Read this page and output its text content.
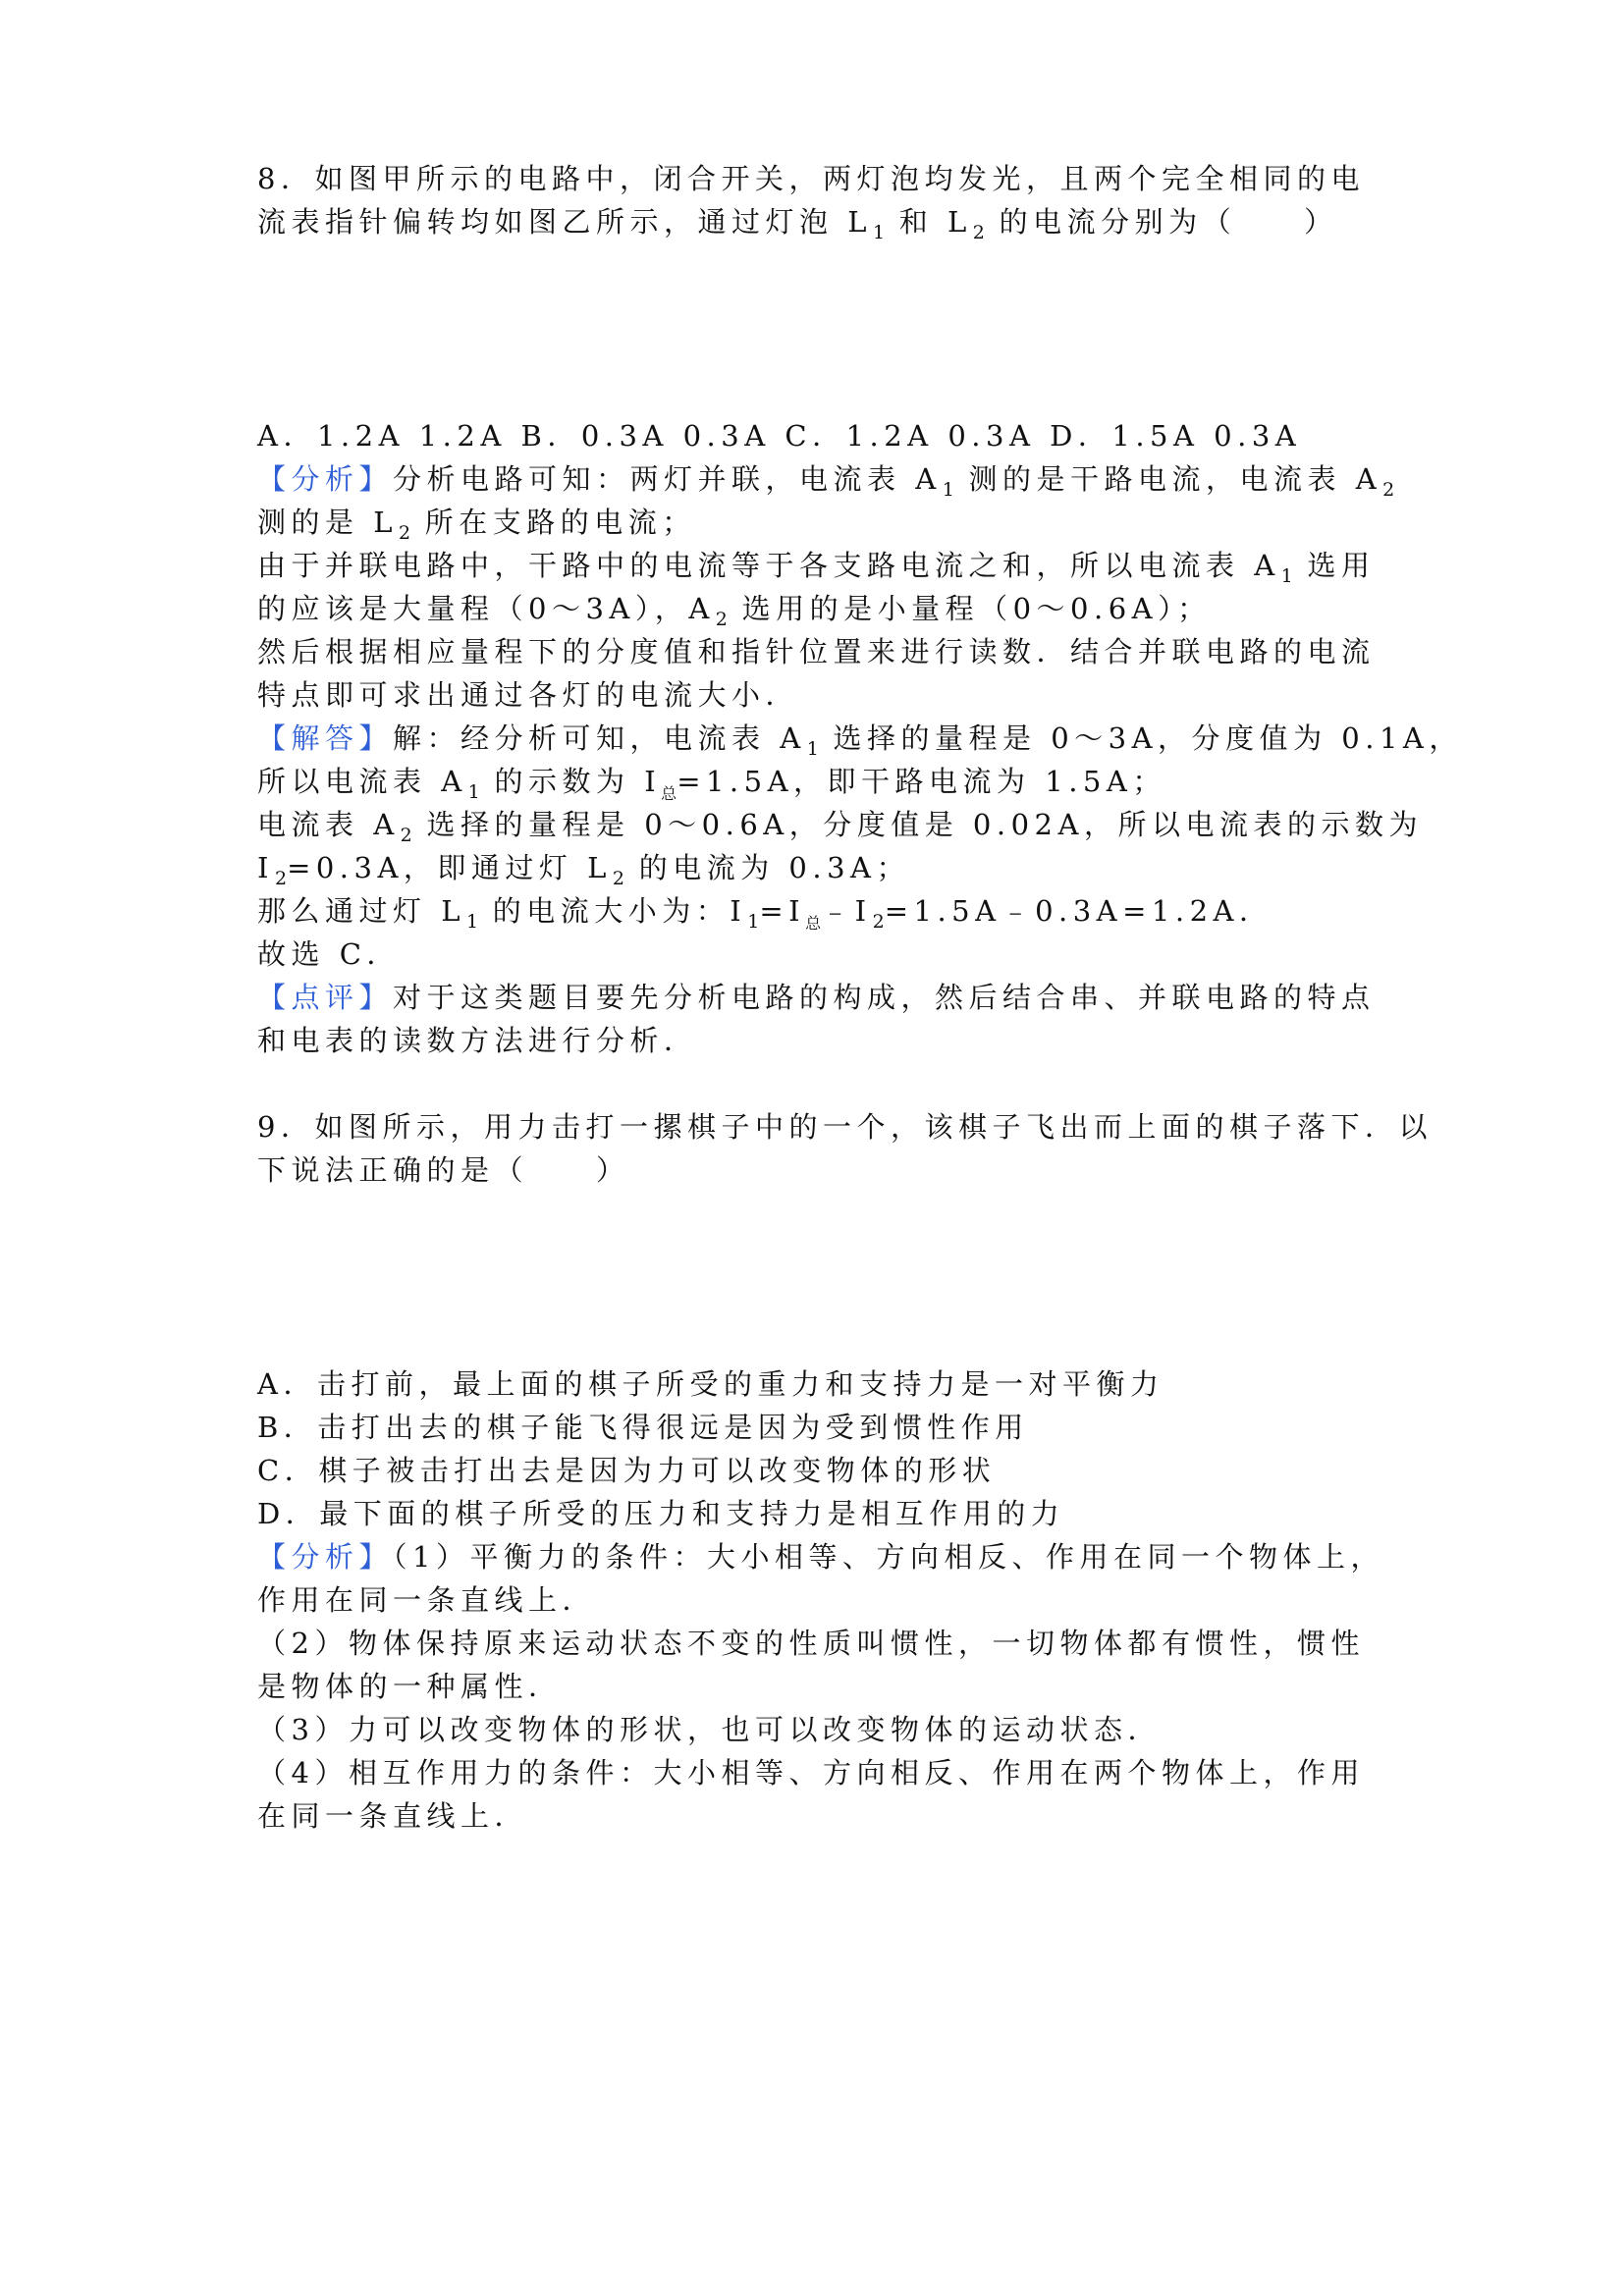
8．如图甲所示的电路中，闭合开关，两灯泡均发光，且两个完全相同的电
流表指针偏转均如图乙所示，通过灯泡 $L_1$ 和 $L_2$ 的电流分别为（　　）
A．1.2A 1.2A B．0.3A 0.3A C．1.2A 0.3A D．1.5A 0.3A
【分析】分析电路可知：两灯并联，电流表 $A_1$ 测的是干路电流，电流表 $A_2$
测的是 $L_2$ 所在支路的电流；
由于并联电路中，干路中的电流等于各支路电流之和，所以电流表 $A_1$ 选用
的应该是大量程（0～3A），$A_2$ 选用的是小量程（0～0.6A）；
然后根据相应量程下的分度值和指针位置来进行读数．结合并联电路的电流
特点即可求出通过各灯的电流大小．
【解答】解：经分析可知，电流表 $A_1$ 选择的量程是 0～3A，分度值为 0.1A，
所以电流表 $A_1$ 的示数为 $I_总=1.5A$，即干路电流为 1.5A；
电流表 $A_2$ 选择的量程是 0～0.6A，分度值是 0.02A，所以电流表的示数为
$I_2=0.3A$，即通过灯 $L_2$ 的电流为 0.3A；
那么通过灯 $L_1$ 的电流大小为：$I_1=I_总﹣I_2=1.5A﹣0.3A=1.2A$．
故选 C．
【点评】对于这类题目要先分析电路的构成，然后结合串、并联电路的特点
和电表的读数方法进行分析．
9．如图所示，用力击打一摞棋子中的一个，该棋子飞出而上面的棋子落下．以
下说法正确的是（　　）
A．击打前，最上面的棋子所受的重力和支持力是一对平衡力
B．击打出去的棋子能飞得很远是因为受到惯性作用
C．棋子被击打出去是因为力可以改变物体的形状
D．最下面的棋子所受的压力和支持力是相互作用的力
【分析】（1）平衡力的条件：大小相等、方向相反、作用在同一个物体上，
作用在同一条直线上．
（2）物体保持原来运动状态不变的性质叫惯性，一切物体都有惯性，惯性
是物体的一种属性．
（3）力可以改变物体的形状，也可以改变物体的运动状态．
（4）相互作用力的条件：大小相等、方向相反、作用在两个物体上，作用
在同一条直线上．
